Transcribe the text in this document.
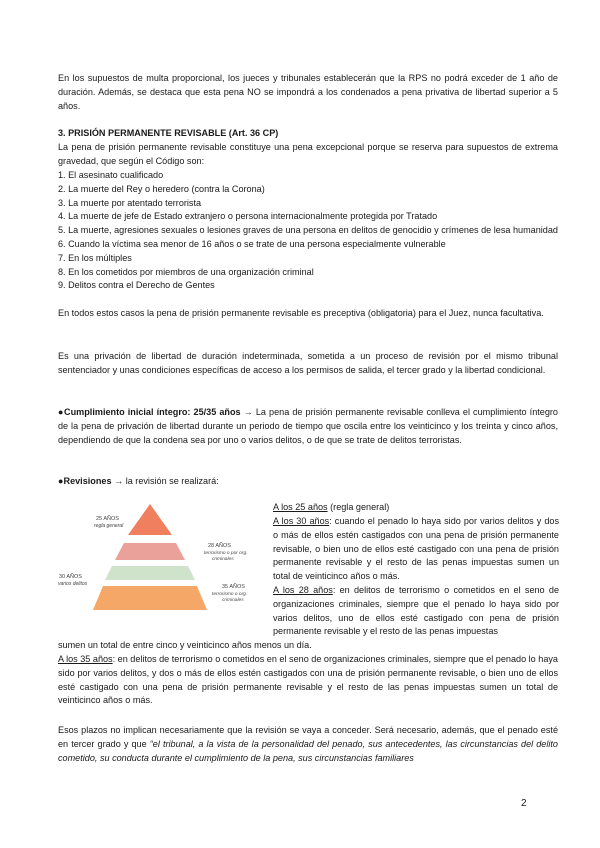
En los supuestos de multa proporcional, los jueces y tribunales establecerán que la RPS no podrá exceder de 1 año de duración. Además, se destaca que esta pena NO se impondrá a los condenados a pena privativa de libertad superior a 5 años.

3. PRISIÓN PERMANENTE REVISABLE (Art. 36 CP)

La pena de prisión permanente revisable constituye una pena excepcional porque se reserva para supuestos de extrema gravedad, que según el Código son:

1. El asesinato cualificado
2. La muerte del Rey o heredero (contra la Corona)
3. La muerte por atentado terrorista
4. La muerte de jefe de Estado extranjero o persona internacionalmente protegida por Tratado
5. La muerte, agresiones sexuales o lesiones graves de una persona en delitos de genocidio y crímenes de lesa humanidad
6. Cuando la víctima sea menor de 16 años o se trate de una persona especialmente vulnerable
7. En los múltiples
8. En los cometidos por miembros de una organización criminal
9. Delitos contra el Derecho de Gentes

En todos estos casos la pena de prisión permanente revisable es preceptiva (obligatoria) para el Juez, nunca facultativa.

Es una privación de libertad de duración indeterminada, sometida a un proceso de revisión por el mismo tribunal sentenciador y unas condiciones específicas de acceso a los permisos de salida, el tercer grado y la libertad condicional.

●Cumplimiento inicial íntegro: 25/35 años → La pena de prisión permanente revisable conlleva el cumplimiento íntegro de la pena de privación de libertad durante un periodo de tiempo que oscila entre los veinticinco y los treinta y cinco años, dependiendo de que la condena sea por uno o varios delitos, o de que se trate de delitos terroristas.

●Revisiones → la revisión se realizará:

25 AÑOS
regla general
28 AÑOS
terrorismo o por org.
criminales
30 AÑOS
varios delitos	35 AÑOS
terrorismo o org.
criminales

A los 25 años (regla general)

A los 30 años: cuando el penado lo haya sido por varios delitos y dos o más de ellos estén castigados con una pena de prisión permanente revisable, o bien uno de ellos esté castigado con una pena de prisión permanente revisable y el resto de las penas impuestas sumen un total de veinticinco años o más.

A los 28 años: en delitos de terrorismo o cometidos en el seno de organizaciones criminales, siempre que el penado lo haya sido por varios delitos, uno de ellos esté castigado con pena de prisión permanente revisable y el resto de las penas impuestas

sumen un total de entre cinco y veinticinco años menos un día.

A los 35 años: en delitos de terrorismo o cometidos en el seno de organizaciones criminales, siempre que el penado lo haya sido por varios delitos, y dos o más de ellos estén castigados con una de prisión permanente revisable, o bien uno de ellos esté castigado con una pena de prisión permanente revisable y el resto de las penas impuestas sumen un total de veinticinco años o más.

Esos plazos no implican necesariamente que la revisión se vaya a conceder. Será necesario, además, que el penado esté en tercer grado y que “el tribunal, a la vista de la personalidad del penado, sus antecedentes, las circunstancias del delito cometido, su conducta durante el cumplimiento de la pena, sus circunstancias familiares

2
